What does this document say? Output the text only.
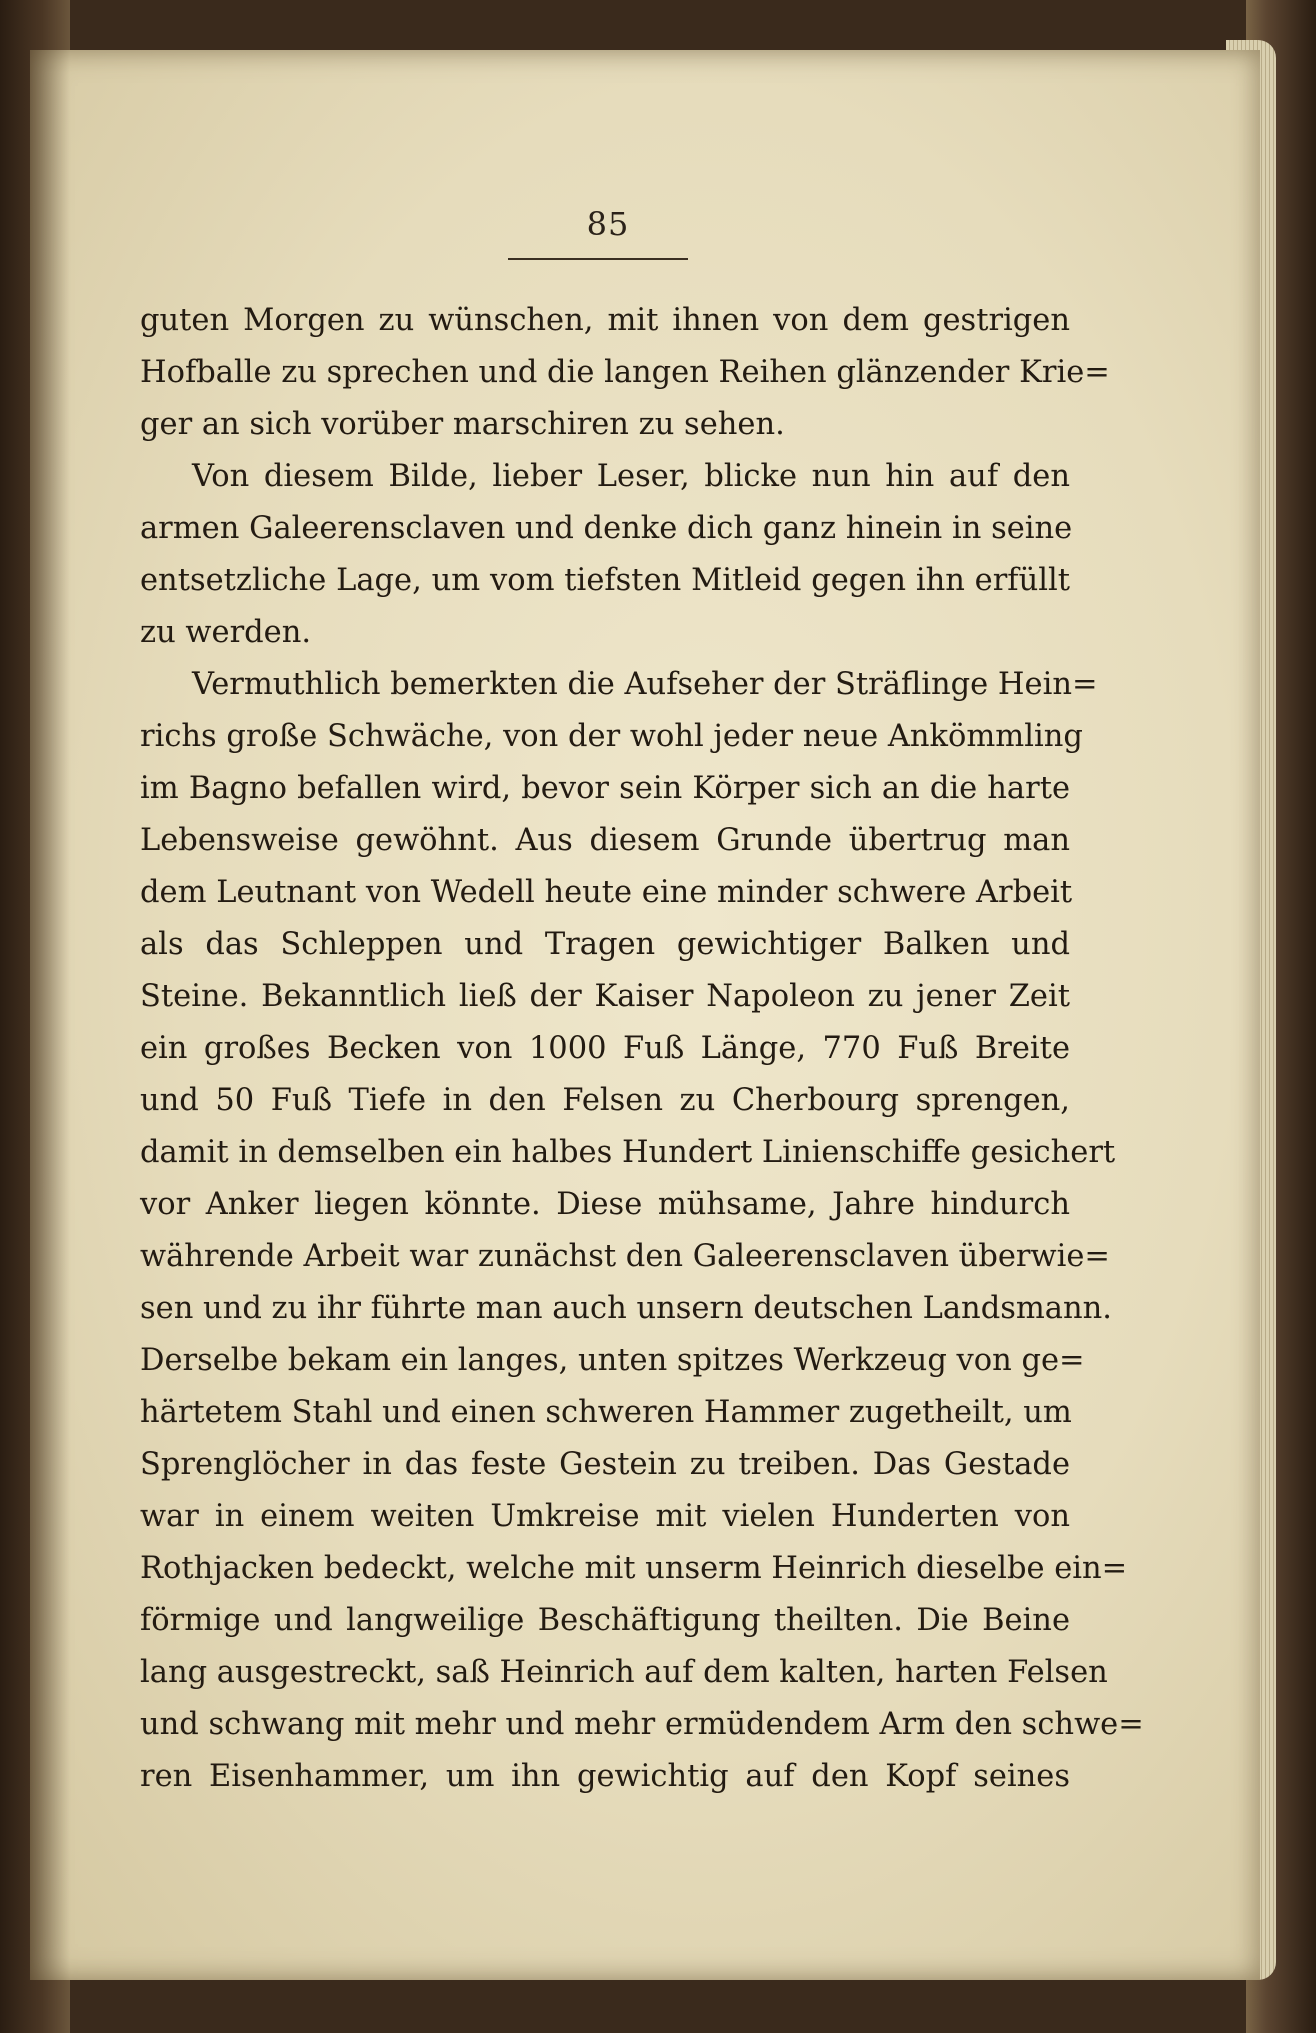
85
guten Morgen zu wünschen, mit ihnen von dem gestrigen
Hofballe zu sprechen und die langen Reihen glänzender Krie=
ger an sich vorüber marschiren zu sehen.
Von diesem Bilde, lieber Leser, blicke nun hin auf den
armen Galeerensclaven und denke dich ganz hinein in seine
entsetzliche Lage, um vom tiefsten Mitleid gegen ihn erfüllt
zu werden.
Vermuthlich bemerkten die Aufseher der Sträflinge Hein=
richs große Schwäche, von der wohl jeder neue Ankömmling
im Bagno befallen wird, bevor sein Körper sich an die harte
Lebensweise gewöhnt. Aus diesem Grunde übertrug man
dem Leutnant von Wedell heute eine minder schwere Arbeit
als das Schleppen und Tragen gewichtiger Balken und
Steine. Bekanntlich ließ der Kaiser Napoleon zu jener Zeit
ein großes Becken von 1000 Fuß Länge, 770 Fuß Breite
und 50 Fuß Tiefe in den Felsen zu Cherbourg sprengen,
damit in demselben ein halbes Hundert Linienschiffe gesichert
vor Anker liegen könnte. Diese mühsame, Jahre hindurch
währende Arbeit war zunächst den Galeerensclaven überwie=
sen und zu ihr führte man auch unsern deutschen Landsmann.
Derselbe bekam ein langes, unten spitzes Werkzeug von ge=
härtetem Stahl und einen schweren Hammer zugetheilt, um
Sprenglöcher in das feste Gestein zu treiben. Das Gestade
war in einem weiten Umkreise mit vielen Hunderten von
Rothjacken bedeckt, welche mit unserm Heinrich dieselbe ein=
förmige und langweilige Beschäftigung theilten. Die Beine
lang ausgestreckt, saß Heinrich auf dem kalten, harten Felsen
und schwang mit mehr und mehr ermüdendem Arm den schwe=
ren Eisenhammer, um ihn gewichtig auf den Kopf seines
